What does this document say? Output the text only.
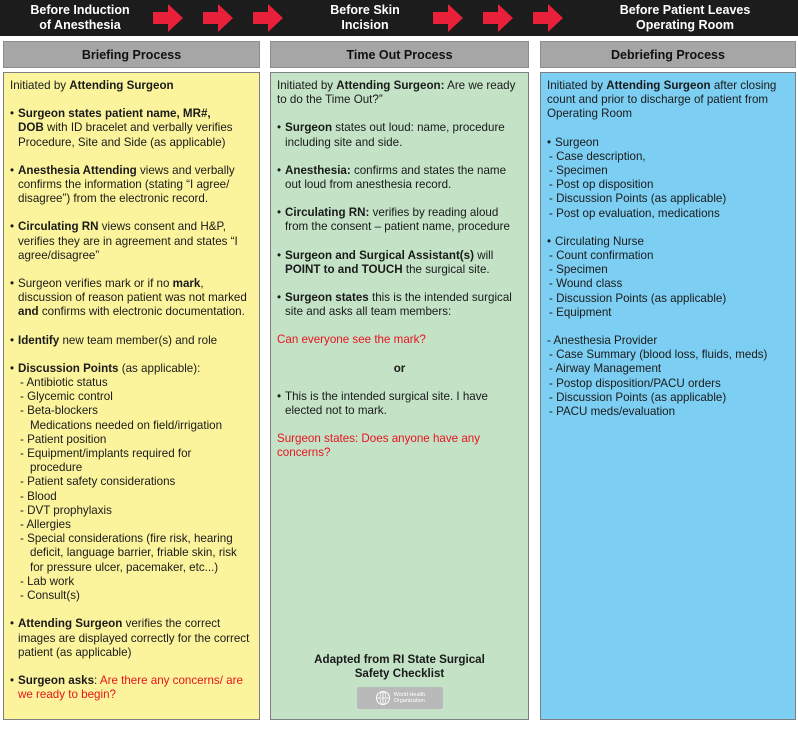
Before Induction
of Anesthesia
Before Skin
Incision
Before Patient Leaves
Operating Room
Briefing Process	Time Out Process	Debriefing Process
Initiated by Attending Surgeon
• Surgeon states patient name, MR#,
DOB with ID bracelet and verbally verifies Procedure, Site and Side (as applicable)
• Anesthesia Attending views and verbally confirms the information (stating “I agree/ disagree”) from the electronic record.
• Circulating RN views consent and H&P, verifies they are in agreement and states “I agree/disagree”
• Surgeon verifies mark or if no mark, discussion of reason patient was not marked and confirms with electronic documentation.
• Identify new team member(s) and role
• Discussion Points (as applicable):
- Antibiotic status
- Glycemic control
- Beta-blockers
Medications needed on field/irrigation
- Patient position
- Equipment/implants required for
procedure
- Patient safety considerations
- Blood
- DVT prophylaxis
- Allergies
- Special considerations (fire risk, hearing
deficit, language barrier, friable skin, risk
for pressure ulcer, pacemaker, etc...)
- Lab work
- Consult(s)
• Attending Surgeon verifies the correct images are displayed correctly for the correct patient (as applicable)
• Surgeon asks: Are there any concerns/ are we ready to begin?
Initiated by Attending Surgeon: Are we ready to do the Time Out?”
• Surgeon states out loud: name, procedure including site and side.
• Anesthesia: confirms and states the name out loud from anesthesia record.
• Circulating RN: verifies by reading aloud from the consent – patient name, procedure
• Surgeon and Surgical Assistant(s) will POINT to and TOUCH the surgical site.
• Surgeon states this is the intended surgical site and asks all team members:
Can everyone see the mark?
or
• This is the intended surgical site. I have elected not to mark.
Surgeon states: Does anyone have any concerns?
Adapted from RI State Surgical
Safety Checklist
World Health
Organization
Initiated by Attending Surgeon after closing count and prior to discharge of patient from Operating Room
• Surgeon
- Case description,
- Specimen
- Post op disposition
- Discussion Points (as applicable)
- Post op evaluation, medications
• Circulating Nurse
- Count confirmation
- Specimen
- Wound class
- Discussion Points (as applicable)
- Equipment
- Anesthesia Provider
- Case Summary (blood loss, fluids, meds)
- Airway Management
- Postop disposition/PACU orders
- Discussion Points (as applicable)
- PACU meds/evaluation
